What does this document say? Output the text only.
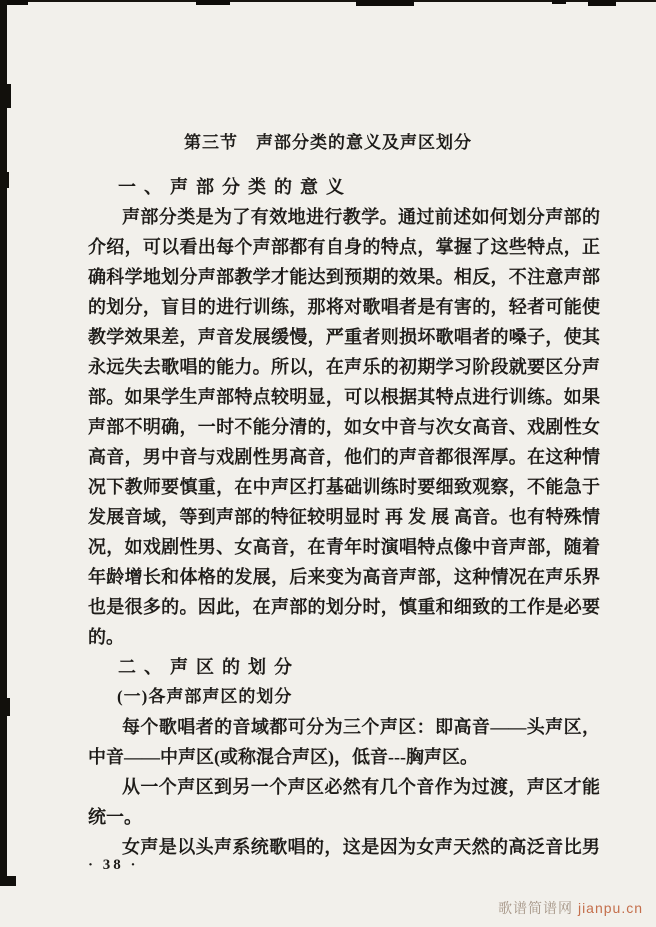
第三节　声部分类的意义及声区划分
一、声部分类的意义
声部分类是为了有效地进行教学。通过前述如何划分声部的
介绍，可以看出每个声部都有自身的特点，掌握了这些特点，正
确科学地划分声部教学才能达到预期的效果。相反，不注意声部
的划分，盲目的进行训练，那将对歌唱者是有害的，轻者可能使
教学效果差，声音发展缓慢，严重者则损坏歌唱者的嗓子，使其
永远失去歌唱的能力。所以，在声乐的初期学习阶段就要区分声
部。如果学生声部特点较明显，可以根据其特点进行训练。如果
声部不明确，一时不能分清的，如女中音与次女高音、戏剧性女
高音，男中音与戏剧性男高音，他们的声音都很浑厚。在这种情
况下教师要慎重，在中声区打基础训练时要细致观察，不能急于
发展音域，等到声部的特征较明显时 再 发 展 高音。也有特殊情
况，如戏剧性男、女高音，在青年时演唱特点像中音声部，随着
年龄增长和体格的发展，后来变为高音声部，这种情况在声乐界
也是很多的。因此，在声部的划分时，慎重和细致的工作是必要
的。
二、声区的划分
(一)各声部声区的划分
每个歌唱者的音域都可分为三个声区：即高音——头声区，
中音——中声区(或称混合声区)，低音---胸声区。
从一个声区到另一个声区必然有几个音作为过渡，声区才能
统一。
女声是以头声系统歌唱的，这是因为女声天然的高泛音比男
· 38 ·
歌谱简谱网 jianpu.cn
